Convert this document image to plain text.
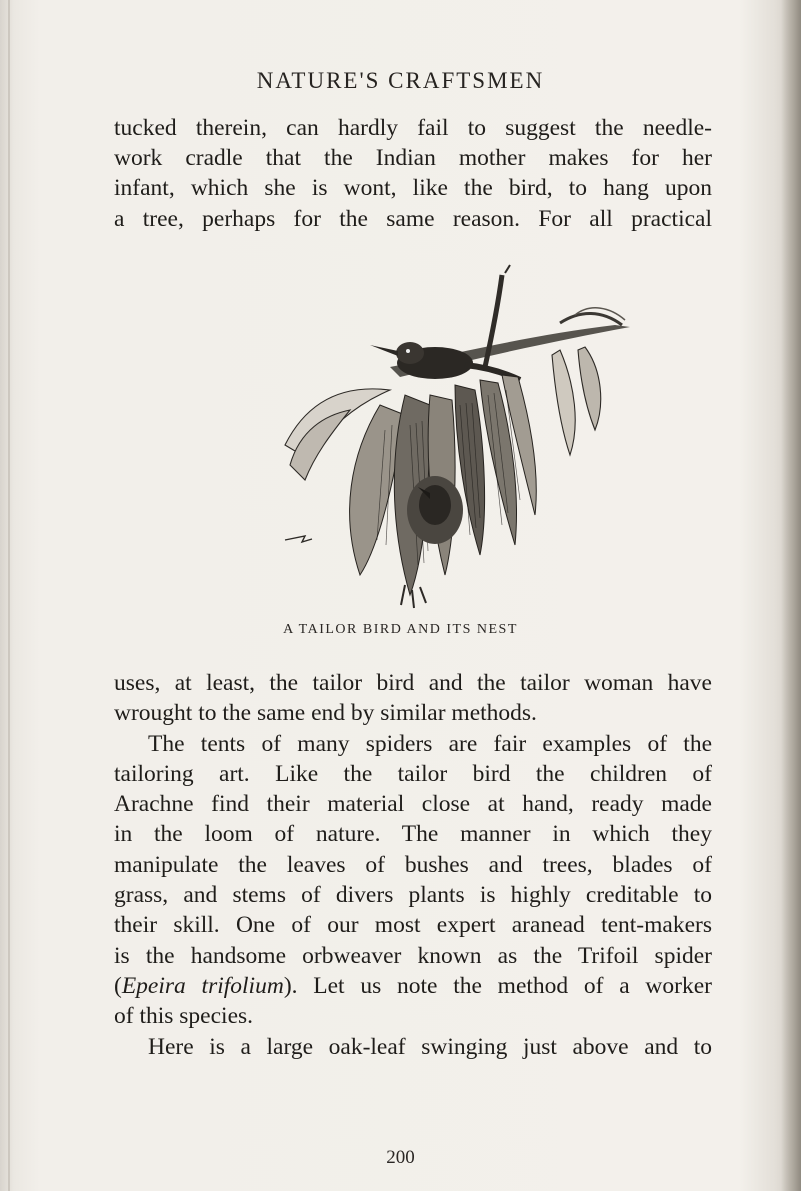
NATURE'S CRAFTSMEN
tucked therein, can hardly fail to suggest the needle-
work cradle that the Indian mother makes for her
infant, which she is wont, like the bird, to hang upon
a tree, perhaps for the same reason. For all practical
A TAILOR BIRD AND ITS NEST
uses, at least, the tailor bird and the tailor woman have
wrought to the same end by similar methods.
The tents of many spiders are fair examples of the
tailoring art. Like the tailor bird the children of
Arachne find their material close at hand, ready made
in the loom of nature. The manner in which they
manipulate the leaves of bushes and trees, blades of
grass, and stems of divers plants is highly creditable to
their skill. One of our most expert aranead tent-makers
is the handsome orbweaver known as the Trifoil spider
(Epeira trifolium). Let us note the method of a worker
of this species.
Here is a large oak-leaf swinging just above and to
200
